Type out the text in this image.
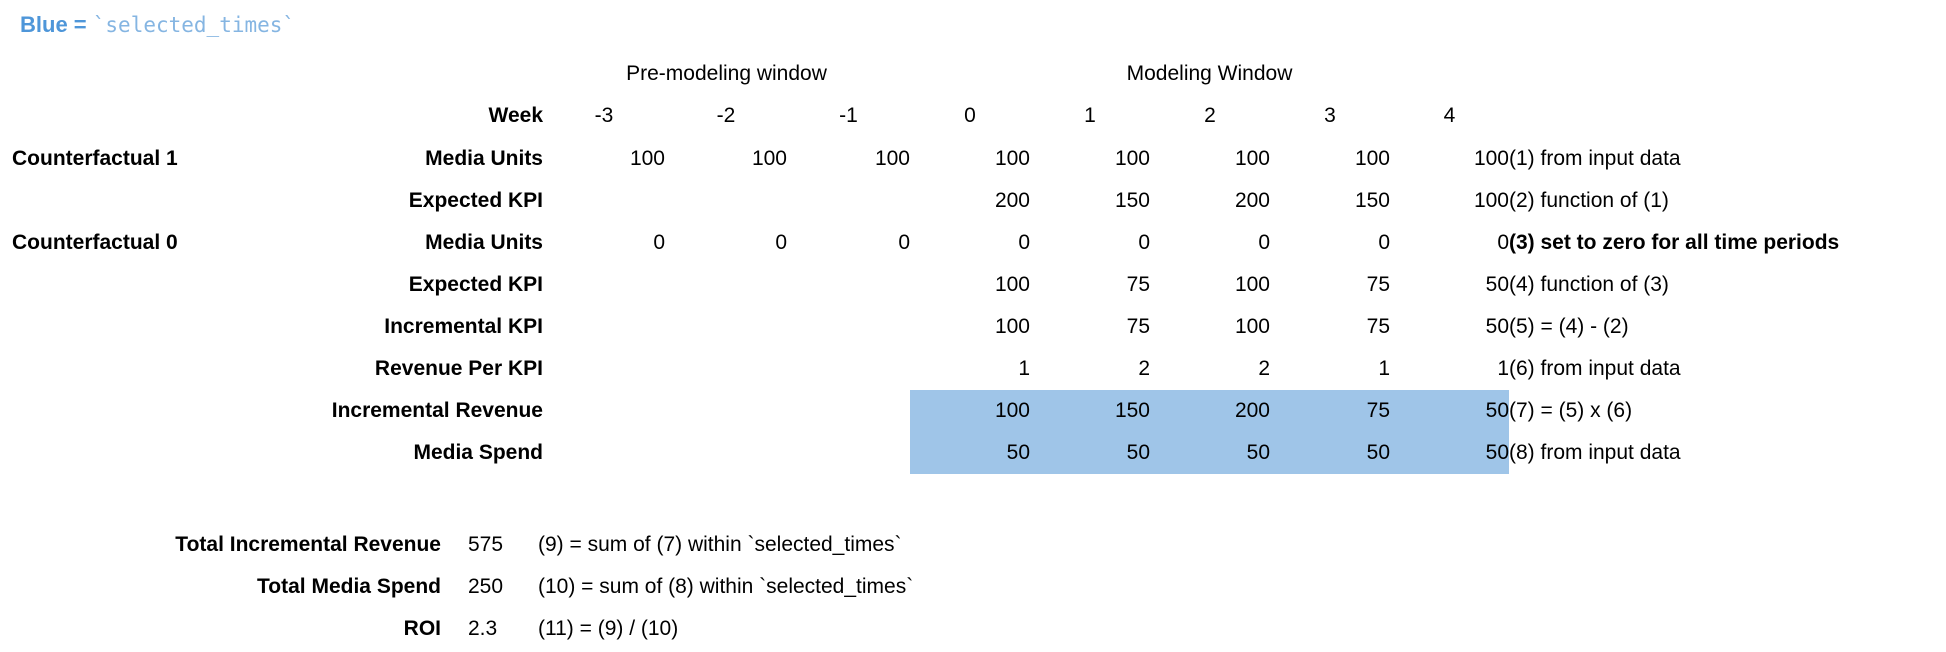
Blue = `selected_times`
		Pre-modeling window			Modeling Window					
	Week	-3	-2	-1	0	1	2	3	4	
Counterfactual 1	Media Units	100	100	100	100	100	100	100	100	(1) from input data
	Expected KPI				200	150	200	150	100	(2) function of (1)
Counterfactual 0	Media Units	0	0	0	0	0	0	0	0	(3) set to zero for all time periods
	Expected KPI				100	75	100	75	50	(4) function of (3)
	Incremental KPI				100	75	100	75	50	(5) = (4) - (2)
	Revenue Per KPI				1	2	2	1	1	(6) from input data
	Incremental Revenue				100	150	200	75	50	(7) = (5) x (6)
	Media Spend				50	50	50	50	50	(8) from input data
Total Incremental Revenue 575 (9) = sum of (7) within `selected_times`
Total Media Spend 250 (10) = sum of (8) within `selected_times`
ROI 2.3 (11) = (9) / (10)
